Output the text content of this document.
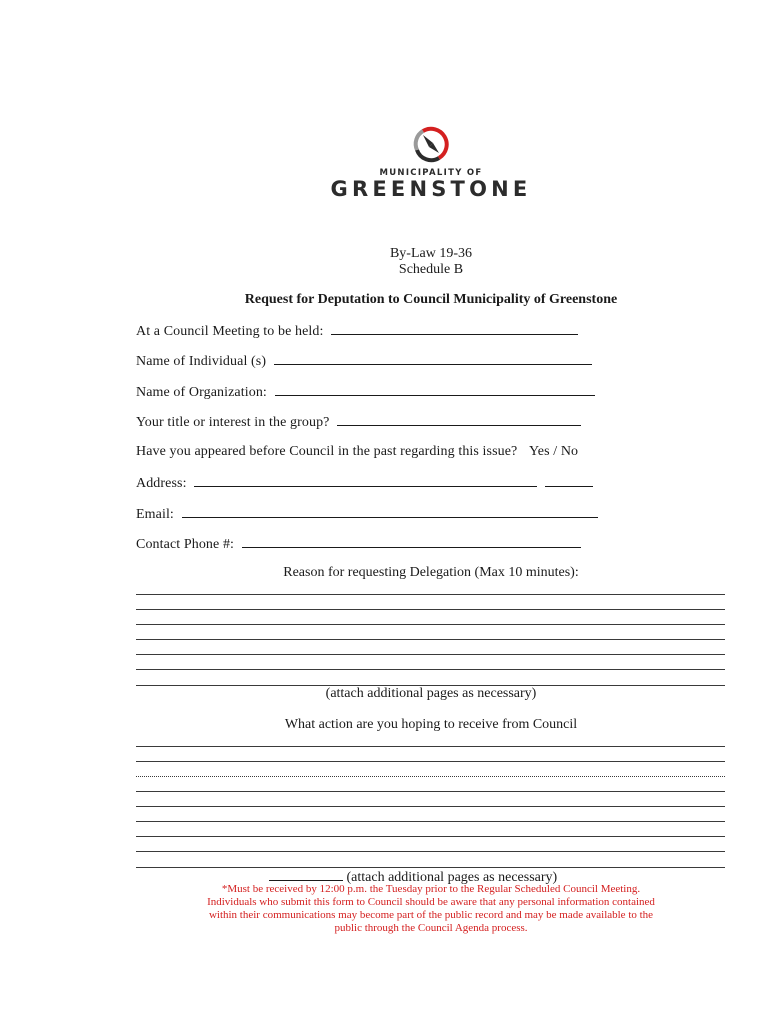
MUNICIPALITY OF
GREENSTONE
By-Law 19-36
Schedule B
Request for Deputation to Council Municipality of Greenstone
At a Council Meeting to be held:
Name of Individual (s)
Name of Organization:
Your title or interest in the group?
Have you appeared before Council in the past regarding this issue? Yes / No
Address:
Email:
Contact Phone #:
Reason for requesting Delegation (Max 10 minutes):
(attach additional pages as necessary)
What action are you hoping to receive from Council
(attach additional pages as necessary)
*Must be received by 12:00 p.m. the Tuesday prior to the Regular Scheduled Council Meeting.
Individuals who submit this form to Council should be aware that any personal information contained
within their communications may become part of the public record and may be made available to the
public through the Council Agenda process.
